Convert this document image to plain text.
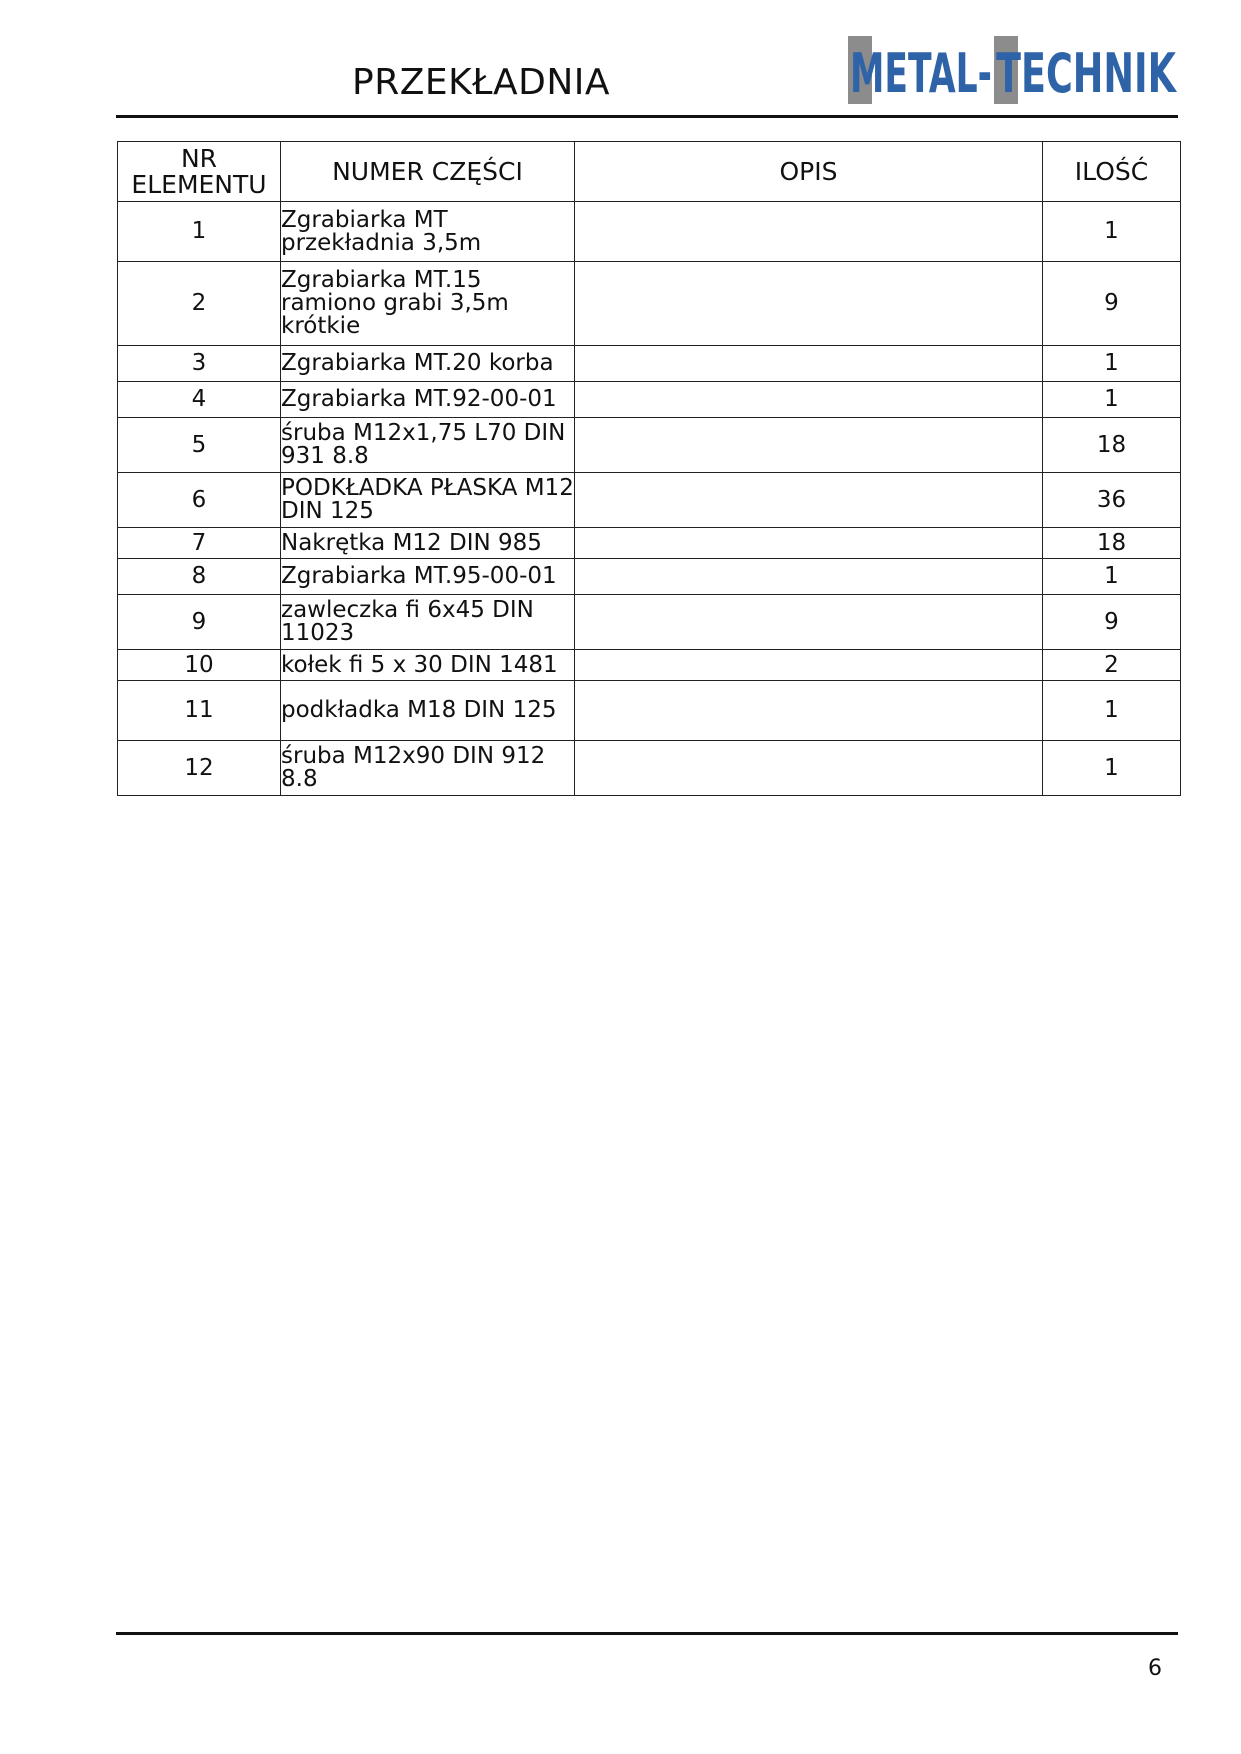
PRZEKŁADNIA	METAL- TECHNIK
NR ELEMENTU	NUMER CZĘŚCI	OPIS	ILOŚĆ
1	Zgrabiarka MT przekładnia 3,5m		1
2	Zgrabiarka MT.15 ramiono grabi 3,5m krótkie		9
3	Zgrabiarka MT.20 korba		1
4	Zgrabiarka MT.92-00-01		1
5	śruba M12x1,75 L70 DIN 931 8.8		18
6	PODKŁADKA PŁASKA M12 DIN 125		36
7	Nakrętka M12 DIN 985		18
8	Zgrabiarka MT.95-00-01		1
9	zawleczka fi 6x45 DIN 11023		9
10	kołek fi 5 x 30 DIN 1481		2
11	podkładka M18 DIN 125		1
12	śruba M12x90 DIN 912 8.8		1
6
